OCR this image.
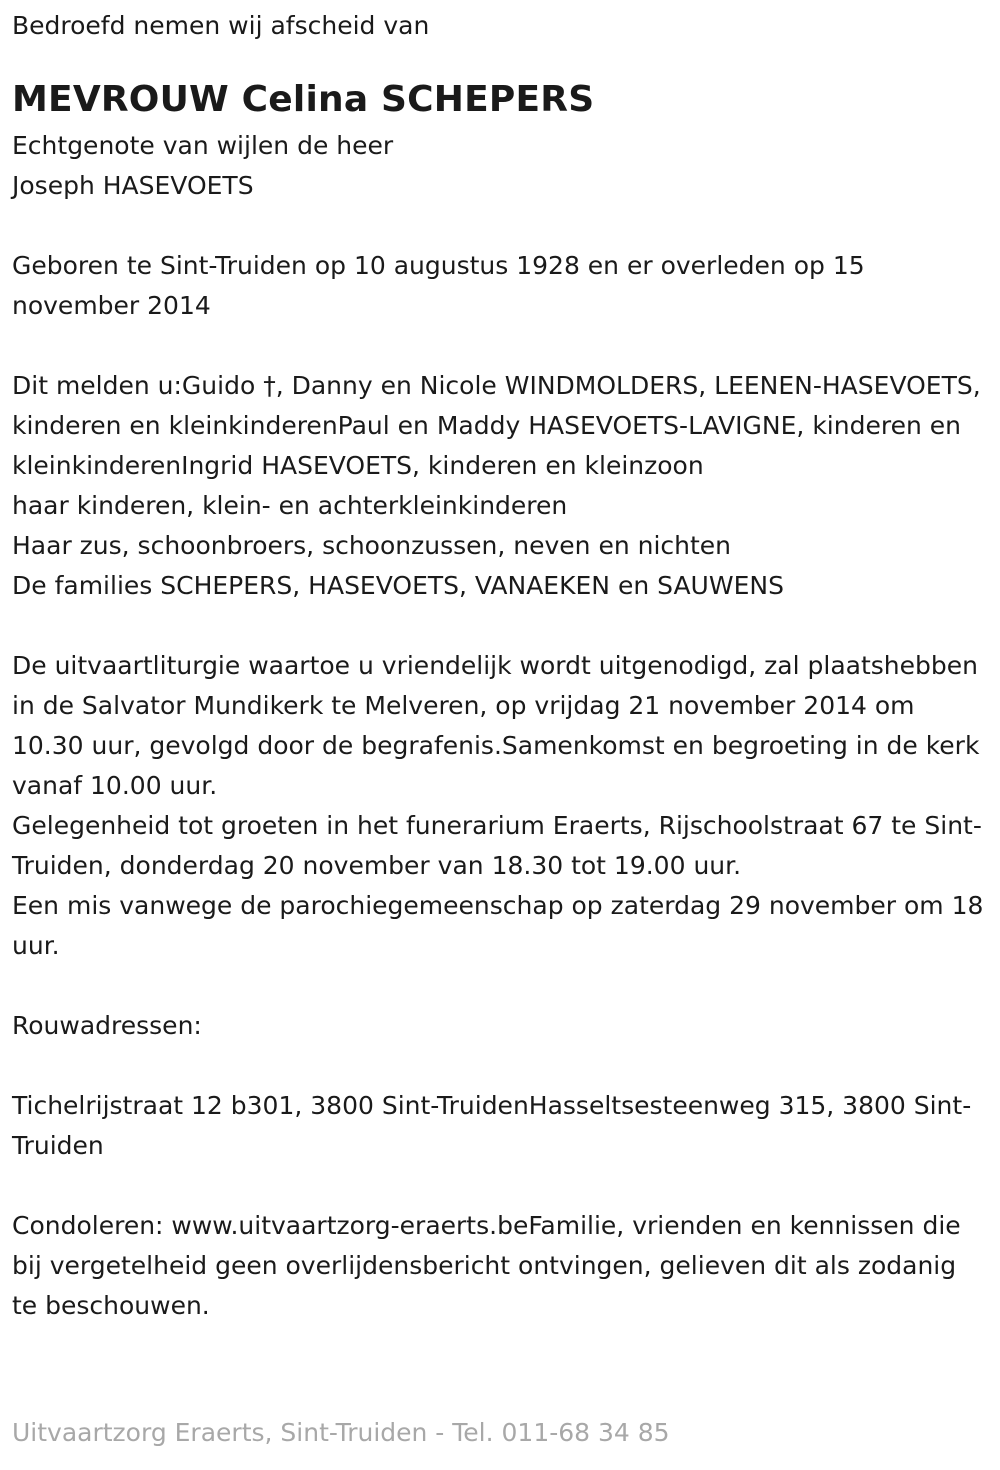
Bedroefd nemen wij afscheid van

MEVROUW Celina SCHEPERS

Echtgenote van wijlen de heer

Joseph HASEVOETS

Geboren te Sint-Truiden op 10 augustus 1928 en er overleden op 15 november 2014

Dit melden u:Guido †, Danny en Nicole WINDMOLDERS, LEENEN-HASEVOETS, kinderen en kleinkinderenPaul en Maddy HASEVOETS-LAVIGNE, kinderen en kleinkinderenIngrid HASEVOETS, kinderen en kleinzoon

haar kinderen, klein- en achterkleinkinderen

Haar zus, schoonbroers, schoonzussen, neven en nichten

De families SCHEPERS, HASEVOETS, VANAEKEN en SAUWENS

De uitvaartliturgie waartoe u vriendelijk wordt uitgenodigd, zal plaatshebben in de Salvator Mundikerk te Melveren, op vrijdag 21 november 2014 om 10.30 uur, gevolgd door de begrafenis.Samenkomst en begroeting in de kerk vanaf 10.00 uur.

Gelegenheid tot groeten in het funerarium Eraerts, Rijschoolstraat 67 te Sint-Truiden, donderdag 20 november van 18.30 tot 19.00 uur.

Een mis vanwege de parochiegemeenschap op zaterdag 29 november om 18 uur.

Rouwadressen:

Tichelrijstraat 12 b301, 3800 Sint-TruidenHasseltsesteenweg 315, 3800 Sint-Truiden

Condoleren: www.uitvaartzorg-eraerts.beFamilie, vrienden en kennissen die bij vergetelheid geen overlijdensbericht ontvingen, gelieven dit als zodanig te beschouwen.

Uitvaartzorg Eraerts, Sint-Truiden - Tel. 011-68 34 85
